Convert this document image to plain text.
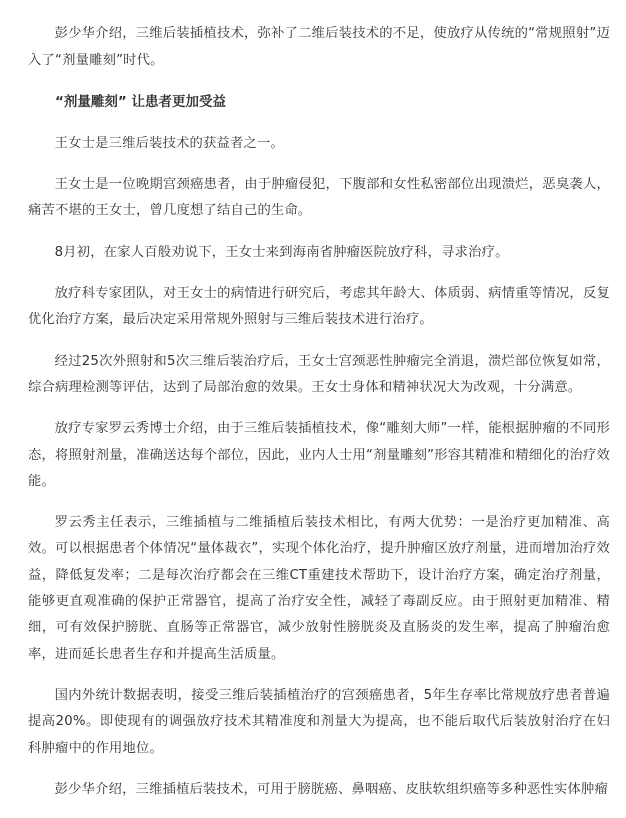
彭少华介绍，三维后装插植技术，弥补了二维后装技术的不足，使放疗从传统的“常规照射”迈入了“剂量雕刻”时代。

“剂量雕刻” 让患者更加受益

王女士是三维后装技术的获益者之一。

王女士是一位晚期宫颈癌患者，由于肿瘤侵犯，下腹部和女性私密部位出现溃烂，恶臭袭人，痛苦不堪的王女士，曾几度想了结自己的生命。

8月初，在家人百般劝说下，王女士来到海南省肿瘤医院放疗科，寻求治疗。

放疗科专家团队，对王女士的病情进行研究后，考虑其年龄大、体质弱、病情重等情况，反复优化治疗方案，最后决定采用常规外照射与三维后装技术进行治疗。

经过25次外照射和5次三维后装治疗后，王女士宫颈恶性肿瘤完全消退，溃烂部位恢复如常，综合病理检测等评估，达到了局部治愈的效果。王女士身体和精神状况大为改观，十分满意。

放疗专家罗云秀博士介绍，由于三维后装插植技术，像“雕刻大师”一样，能根据肿瘤的不同形态，将照射剂量，准确送达每个部位，因此，业内人士用“剂量雕刻”形容其精准和精细化的治疗效能。

罗云秀主任表示，三维插植与二维插植后装技术相比，有两大优势：一是治疗更加精准、高效。可以根据患者个体情况“量体裁衣”，实现个体化治疗，提升肿瘤区放疗剂量，进而增加治疗效益，降低复发率；二是每次治疗都会在三维CT重建技术帮助下，设计治疗方案，确定治疗剂量，能够更直观准确的保护正常器官，提高了治疗安全性，减轻了毒副反应。由于照射更加精准、精细，可有效保护膀胱、直肠等正常器官，减少放射性膀胱炎及直肠炎的发生率，提高了肿瘤治愈率，进而延长患者生存和并提高生活质量。

国内外统计数据表明，接受三维后装插植治疗的宫颈癌患者，5年生存率比常规放疗患者普遍提高20%。即使现有的调强放疗技术其精准度和剂量大为提高，也不能后取代后装放射治疗在妇科肿瘤中的作用地位。

彭少华介绍，三维插植后装技术，可用于膀胱癌、鼻咽癌、皮肤软组织癌等多种恶性实体肿瘤
